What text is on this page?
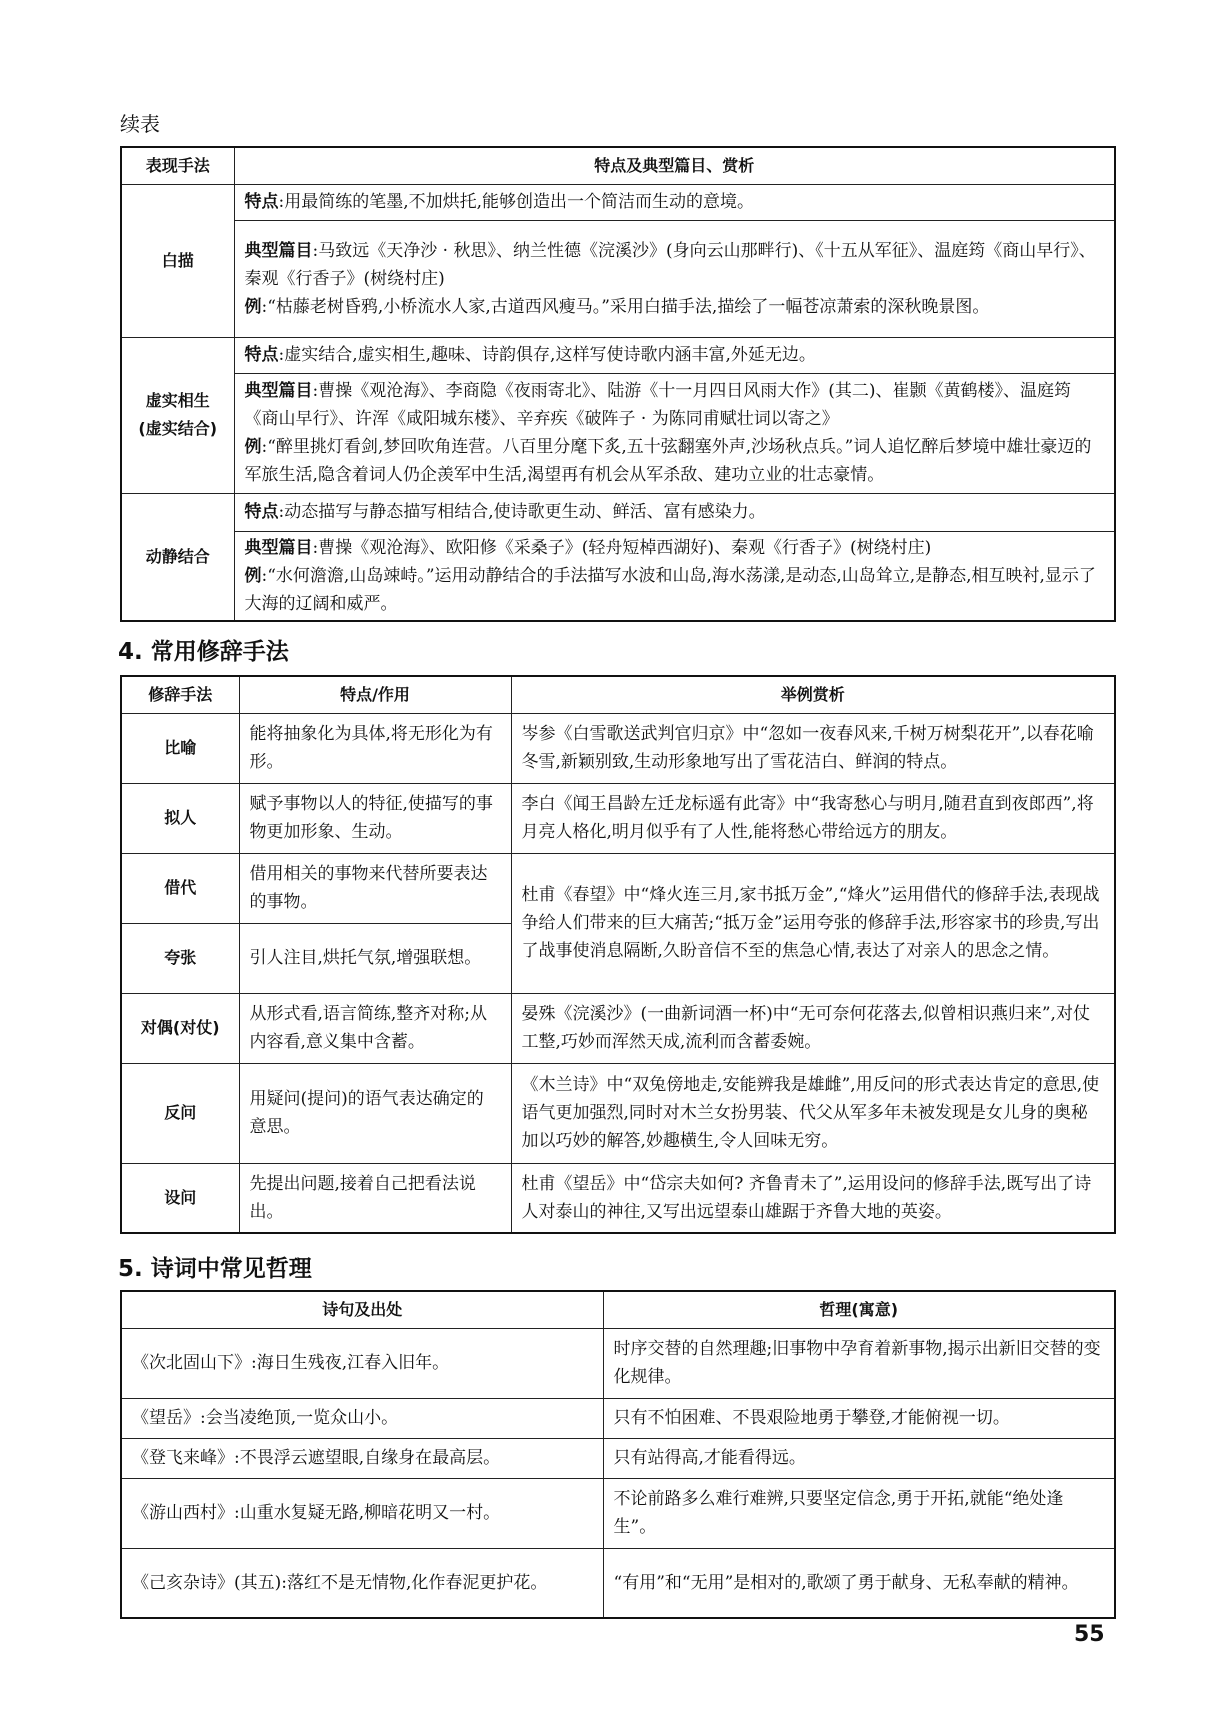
续表
表现手法	特点及典型篇目、赏析
白描	特点:用最简练的笔墨,不加烘托,能够创造出一个简洁而生动的意境。

	典型篇目:马致远《天净沙 · 秋思》、纳兰性德《浣溪沙》(身向云山那畔行)、《十五从军征》、温庭筠《商山早行》、秦观《行香子》(树绕村庄)
例:“枯藤老树昏鸦,小桥流水人家,古道西风瘦马。”采用白描手法,描绘了一幅苍凉萧索的深秋晚景图。

虚实相生
(虚实结合)	特点:虚实结合,虚实相生,趣味、诗韵俱存,这样写使诗歌内涵丰富,外延无边。

	典型篇目:曹操《观沧海》、李商隐《夜雨寄北》、陆游《十一月四日风雨大作》(其二)、崔颢《黄鹤楼》、温庭筠《商山早行》、许浑《咸阳城东楼》、辛弃疾《破阵子 · 为陈同甫赋壮词以寄之》
例:“醉里挑灯看剑,梦回吹角连营。八百里分麾下炙,五十弦翻塞外声,沙场秋点兵。”词人追忆醉后梦境中雄壮豪迈的军旅生活,隐含着词人仍企羡军中生活,渴望再有机会从军杀敌、建功立业的壮志豪情。

动静结合	特点:动态描写与静态描写相结合,使诗歌更生动、鲜活、富有感染力。

	典型篇目:曹操《观沧海》、欧阳修《采桑子》(轻舟短棹西湖好)、秦观《行香子》(树绕村庄)
例:“水何澹澹,山岛竦峙。”运用动静结合的手法描写水波和山岛,海水荡漾,是动态,山岛耸立,是静态,相互映衬,显示了大海的辽阔和威严。
4. 常用修辞手法
修辞手法	特点/作用	举例赏析
比喻	能将抽象化为具体,将无形化为有形。	岑参《白雪歌送武判官归京》中“忽如一夜春风来,千树万树梨花开”,以春花喻冬雪,新颖别致,生动形象地写出了雪花洁白、鲜润的特点。
拟人	赋予事物以人的特征,使描写的事物更加形象、生动。	李白《闻王昌龄左迁龙标遥有此寄》中“我寄愁心与明月,随君直到夜郎西”,将月亮人格化,明月似乎有了人性,能将愁心带给远方的朋友。
借代	借用相关的事物来代替所要表达的事物。	杜甫《春望》中“烽火连三月,家书抵万金”,“烽火”运用借代的修辞手法,表现战争给人们带来的巨大痛苦;“抵万金”运用夸张的修辞手法,形容家书的珍贵,写出了战事使消息隔断,久盼音信不至的焦急心情,表达了对亲人的思念之情。
夸张	引人注目,烘托气氛,增强联想。	
对偶(对仗)	从形式看,语言简练,整齐对称;从内容看,意义集中含蓄。	晏殊《浣溪沙》(一曲新词酒一杯)中“无可奈何花落去,似曾相识燕归来”,对仗工整,巧妙而浑然天成,流利而含蓄委婉。
反问	用疑问(提问)的语气表达确定的意思。	《木兰诗》中“双兔傍地走,安能辨我是雄雌”,用反问的形式表达肯定的意思,使语气更加强烈,同时对木兰女扮男装、代父从军多年未被发现是女儿身的奥秘加以巧妙的解答,妙趣横生,令人回味无穷。
设问	先提出问题,接着自己把看法说出。	杜甫《望岳》中“岱宗夫如何? 齐鲁青未了”,运用设问的修辞手法,既写出了诗人对泰山的神往,又写出远望泰山雄踞于齐鲁大地的英姿。
5. 诗词中常见哲理
诗句及出处	哲理(寓意)
《次北固山下》:海日生残夜,江春入旧年。	时序交替的自然理趣;旧事物中孕育着新事物,揭示出新旧交替的变化规律。
《望岳》:会当凌绝顶,一览众山小。	只有不怕困难、不畏艰险地勇于攀登,才能俯视一切。
《登飞来峰》:不畏浮云遮望眼,自缘身在最高层。	只有站得高,才能看得远。
《游山西村》:山重水复疑无路,柳暗花明又一村。	不论前路多么难行难辨,只要坚定信念,勇于开拓,就能“绝处逢生”。
《己亥杂诗》(其五):落红不是无情物,化作春泥更护花。	“有用”和“无用”是相对的,歌颂了勇于献身、无私奉献的精神。
55
